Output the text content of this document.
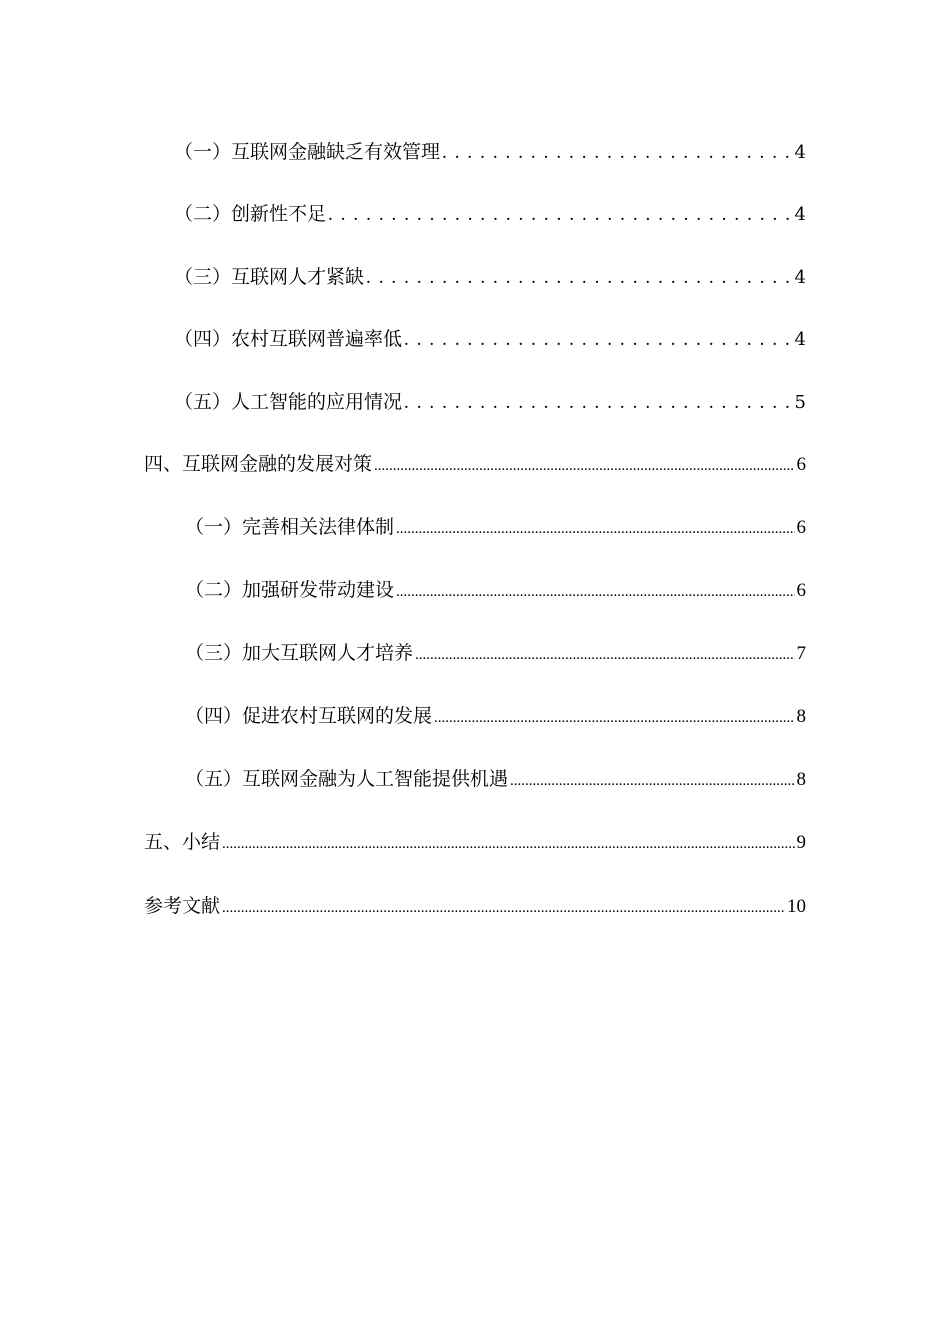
（一）互联网金融缺乏有效管理 . . .	4
（二）创新性不足 . . .	4
（三）互联网人才紧缺 . . .	4
（四）农村互联网普遍率低 . . .	4
（五）人工智能的应用情况 . . .	5
四、互联网金融的发展对策 .....	6
（一）完善相关法律体制 .....	6
（二）加强研发带动建设 .....	6
（三）加大互联网人才培养 .....	7
（四）促进农村互联网的发展 .....	8
（五）互联网金融为人工智能提供机遇 .....	8
五、小结 .....	9
参考文献 .....	10
